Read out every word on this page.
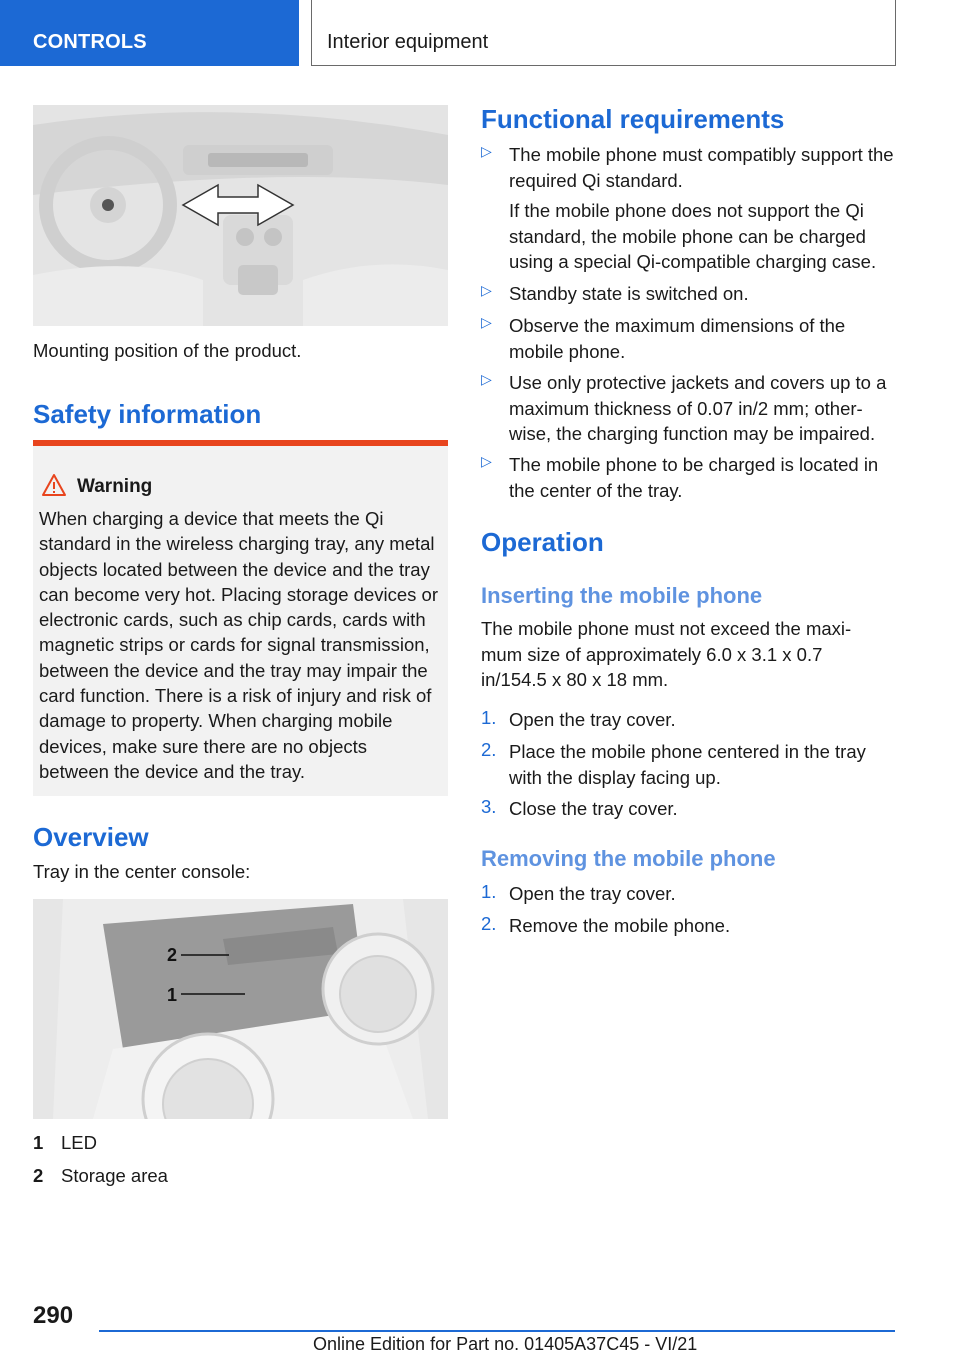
CONTROLS	Interior equipment
Mounting position of the product.
Safety information
Warning
When charging a device that meets the Qi standard in the wireless charging tray, any metal objects located between the device and the tray can become very hot. Placing storage devices or electronic cards, such as chip cards, cards with magnetic strips or cards for signal transmission, between the device and the tray may impair the card function. There is a risk of injury and risk of damage to property. When charging mobile devices, make sure there are no objects between the device and the tray.
Overview
Tray in the center console:
2
1
1 LED
2 Storage area
Functional requirements
▷ The mobile phone must compatibly support the required Qi standard.
If the mobile phone does not support the Qi standard, the mobile phone can be charged using a special Qi-compatible charging case.
▷ Standby state is switched on.
▷ Observe the maximum dimensions of the mobile phone.
▷ Use only protective jackets and covers up to a maximum thickness of 0.07 in/2 mm; other‐wise, the charging function may be impaired.
▷ The mobile phone to be charged is located in the center of the tray.
Operation
Inserting the mobile phone
The mobile phone must not exceed the maxi‐mum size of approximately 6.0 x 3.1 x 0.7 in/154.5 x 80 x 18 mm.
1. Open the tray cover.
2. Place the mobile phone centered in the tray with the display facing up.
3. Close the tray cover.
Removing the mobile phone
1. Open the tray cover.
2. Remove the mobile phone.
290
Online Edition for Part no. 01405A37C45 - VI/21
